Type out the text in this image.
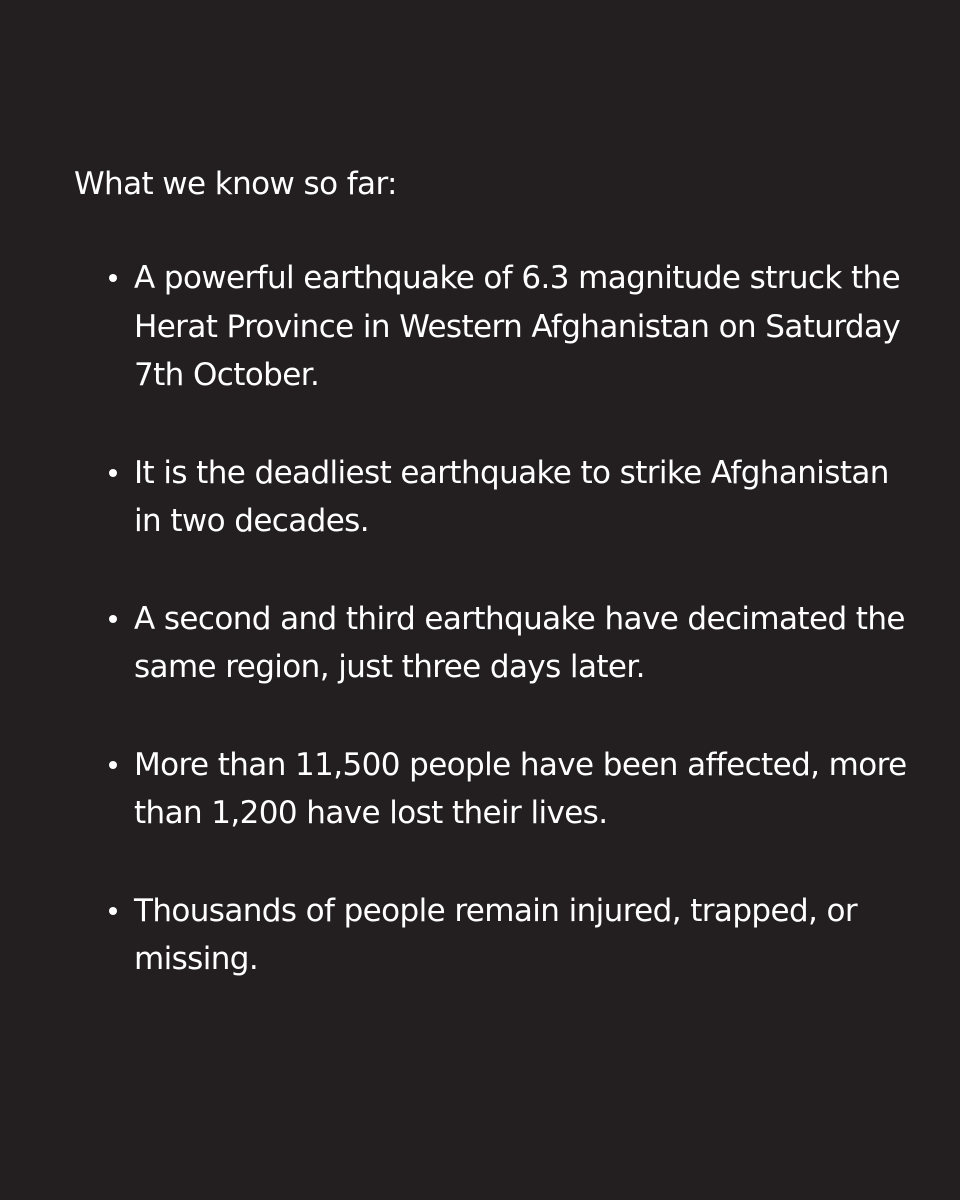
What we know so far:
A powerful earthquake of 6.3 magnitude struck the Herat Province in Western Afghanistan on Saturday 7th October.
It is the deadliest earthquake to strike Afghanistan in two decades.
A second and third earthquake have decimated the same region, just three days later.
More than 11,500 people have been affected, more than 1,200 have lost their lives.
Thousands of people remain injured, trapped, or missing.
